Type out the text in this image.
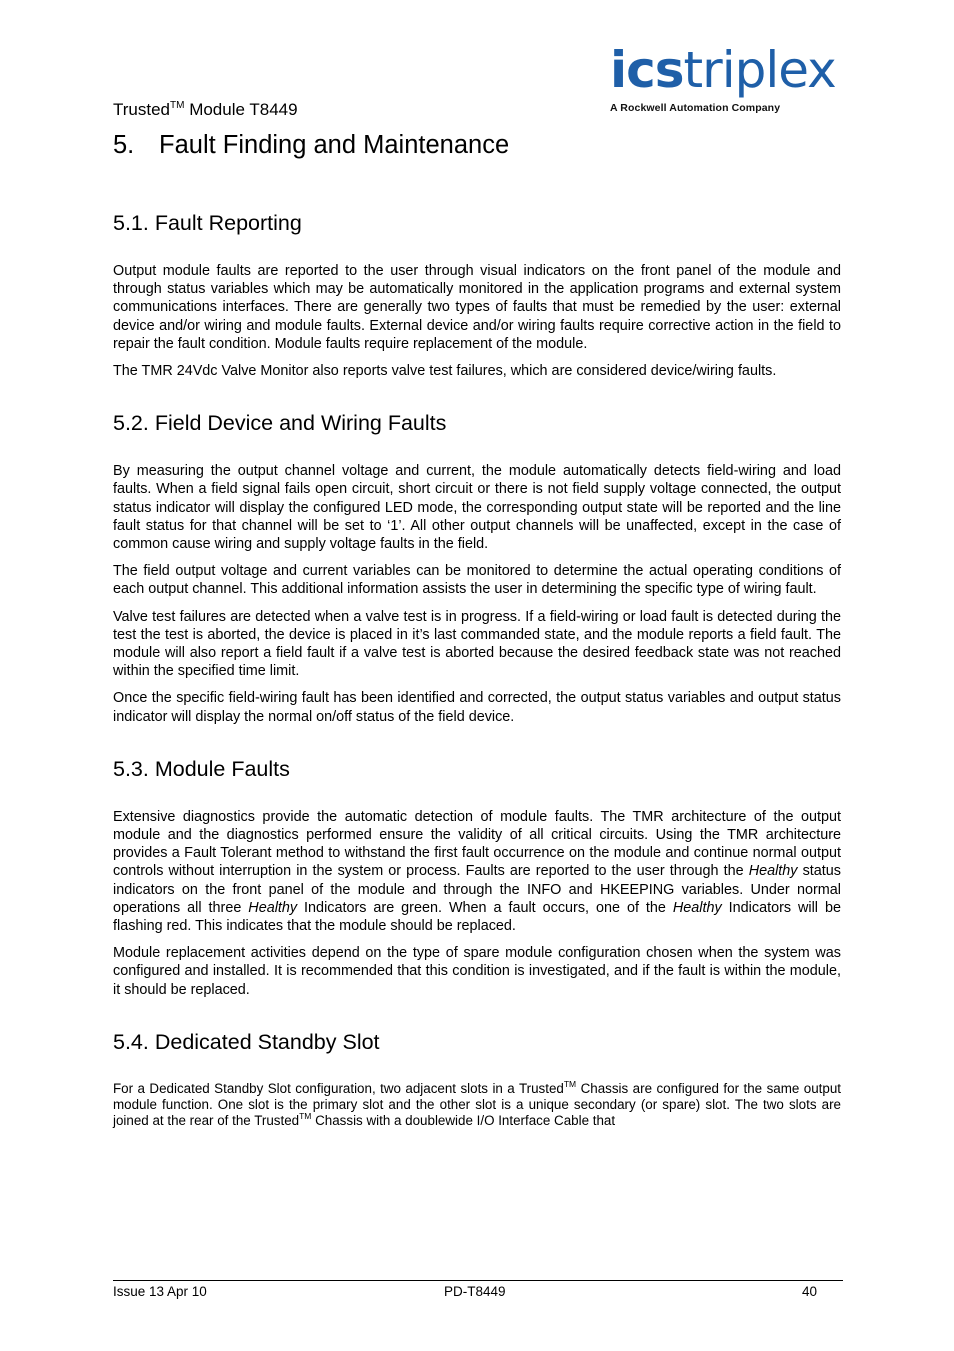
icstriplex
A Rockwell Automation Company
Trusted™ Module T8449
5. Fault Finding and Maintenance
5.1. Fault Reporting

Output module faults are reported to the user through visual indicators on the front panel of the module and through status variables which may be automatically monitored in the application programs and external system communications interfaces. There are generally two types of faults that must be remedied by the user: external device and/or wiring and module faults. External device and/or wiring faults require corrective action in the field to repair the fault condition. Module faults require replacement of the module.

The TMR 24Vdc Valve Monitor also reports valve test failures, which are considered device/wiring faults.

5.2. Field Device and Wiring Faults

By measuring the output channel voltage and current, the module automatically detects field-wiring and load faults. When a field signal fails open circuit, short circuit or there is not field supply voltage connected, the output status indicator will display the configured LED mode, the corresponding output state will be reported and the line fault status for that channel will be set to ‘1’. All other output channels will be unaffected, except in the case of common cause wiring and supply voltage faults in the field.

The field output voltage and current variables can be monitored to determine the actual operating conditions of each output channel. This additional information assists the user in determining the specific type of wiring fault.

Valve test failures are detected when a valve test is in progress. If a field-wiring or load fault is detected during the test the test is aborted, the device is placed in it’s last commanded state, and the module reports a field fault. The module will also report a field fault if a valve test is aborted because the desired feedback state was not reached within the specified time limit.

Once the specific field-wiring fault has been identified and corrected, the output status variables and output status indicator will display the normal on/off status of the field device.

5.3. Module Faults

Extensive diagnostics provide the automatic detection of module faults. The TMR architecture of the output module and the diagnostics performed ensure the validity of all critical circuits. Using the TMR architecture provides a Fault Tolerant method to withstand the first fault occurrence on the module and continue normal output controls without interruption in the system or process. Faults are reported to the user through the Healthy status indicators on the front panel of the module and through the INFO and HKEEPING variables. Under normal operations all three Healthy Indicators are green. When a fault occurs, one of the Healthy Indicators will be flashing red. This indicates that the module should be replaced.

Module replacement activities depend on the type of spare module configuration chosen when the system was configured and installed. It is recommended that this condition is investigated, and if the fault is within the module, it should be replaced.

5.4. Dedicated Standby Slot

For a Dedicated Standby Slot configuration, two adjacent slots in a Trusted™ Chassis are configured for the same output module function. One slot is the primary slot and the other slot is a unique secondary (or spare) slot. The two slots are joined at the rear of the Trusted™ Chassis with a doublewide I/O Interface Cable that

Issue 13 Apr 10	PD-T8449	40
